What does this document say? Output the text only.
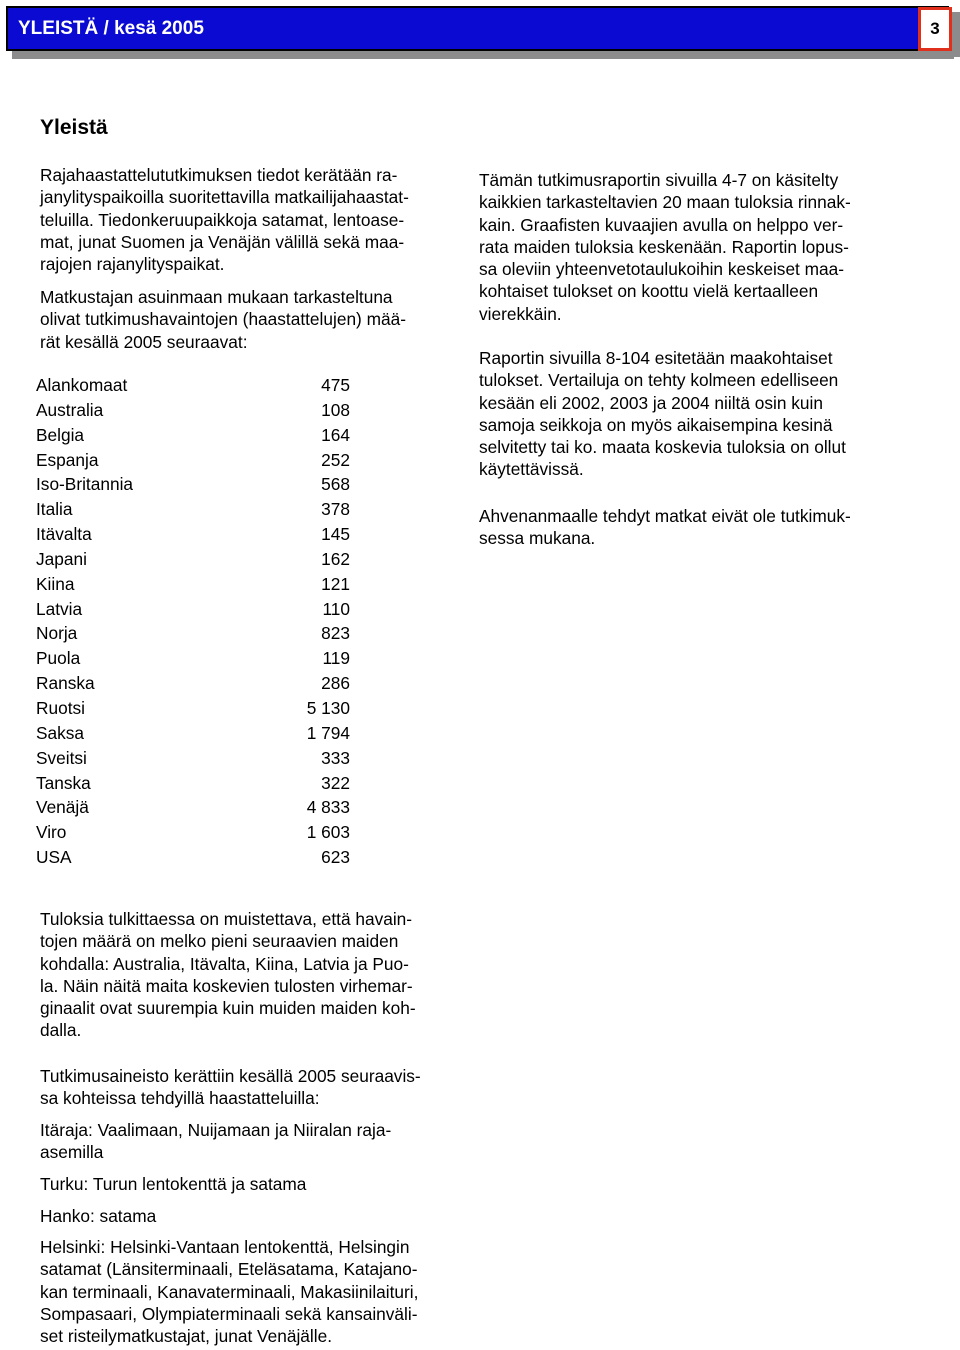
YLEISTÄ / kesä 2005	3
Yleistä

Rajahaastattelututkimuksen tiedot kerätään ra-
janylityspaikoilla suoritettavilla matkailijahaastat-
teluilla. Tiedonkeruupaikkoja satamat, lentoase-
mat, junat Suomen ja Venäjän välillä sekä maa-
rajojen rajanylityspaikat.

Matkustajan asuinmaan mukaan tarkasteltuna
olivat tutkimushavaintojen (haastattelujen) mää-
rät kesällä 2005 seuraavat:

Alankomaat	475
Australia	108
Belgia	164
Espanja	252
Iso-Britannia	568
Italia	378
Itävalta	145
Japani	162
Kiina	121
Latvia	110
Norja	823
Puola	119
Ranska	286
Ruotsi	5 130
Saksa	1 794
Sveitsi	333
Tanska	322
Venäjä	4 833
Viro	1 603
USA	623

Tämän tutkimusraportin sivuilla 4-7 on käsitelty
kaikkien tarkasteltavien 20 maan tuloksia rinnak-
kain. Graafisten kuvaajien avulla on helppo ver-
rata maiden tuloksia keskenään. Raportin lopus-
sa oleviin yhteenvetotaulukoihin keskeiset maa-
kohtaiset tulokset on koottu vielä kertaalleen
vierekkäin.

Raportin sivuilla 8-104 esitetään maakohtaiset
tulokset. Vertailuja on tehty kolmeen edelliseen
kesään eli 2002, 2003 ja 2004 niiltä osin kuin
samoja seikkoja on myös aikaisempina kesinä
selvitetty tai ko. maata koskevia tuloksia on ollut
käytettävissä.

Ahvenanmaalle tehdyt matkat eivät ole tutkimuk-
sessa mukana.

Tuloksia tulkittaessa on muistettava, että havain-
tojen määrä on melko pieni seuraavien maiden
kohdalla: Australia, Itävalta, Kiina, Latvia ja Puo-
la. Näin näitä maita koskevien tulosten virhemar-
ginaalit ovat suurempia kuin muiden maiden koh-
dalla.

Tutkimusaineisto kerättiin kesällä 2005 seuraavis-
sa kohteissa tehdyillä haastatteluilla:

Itäraja: Vaalimaan, Nuijamaan ja Niiralan raja-
asemilla

Turku: Turun lentokenttä ja satama

Hanko: satama

Helsinki: Helsinki-Vantaan lentokenttä, Helsingin
satamat (Länsiterminaali, Eteläsatama, Katajano-
kan terminaali, Kanavaterminaali, Makasiinilaituri,
Sompasaari, Olympiaterminaali sekä kansainväli-
set risteilymatkustajat, junat Venäjälle.
